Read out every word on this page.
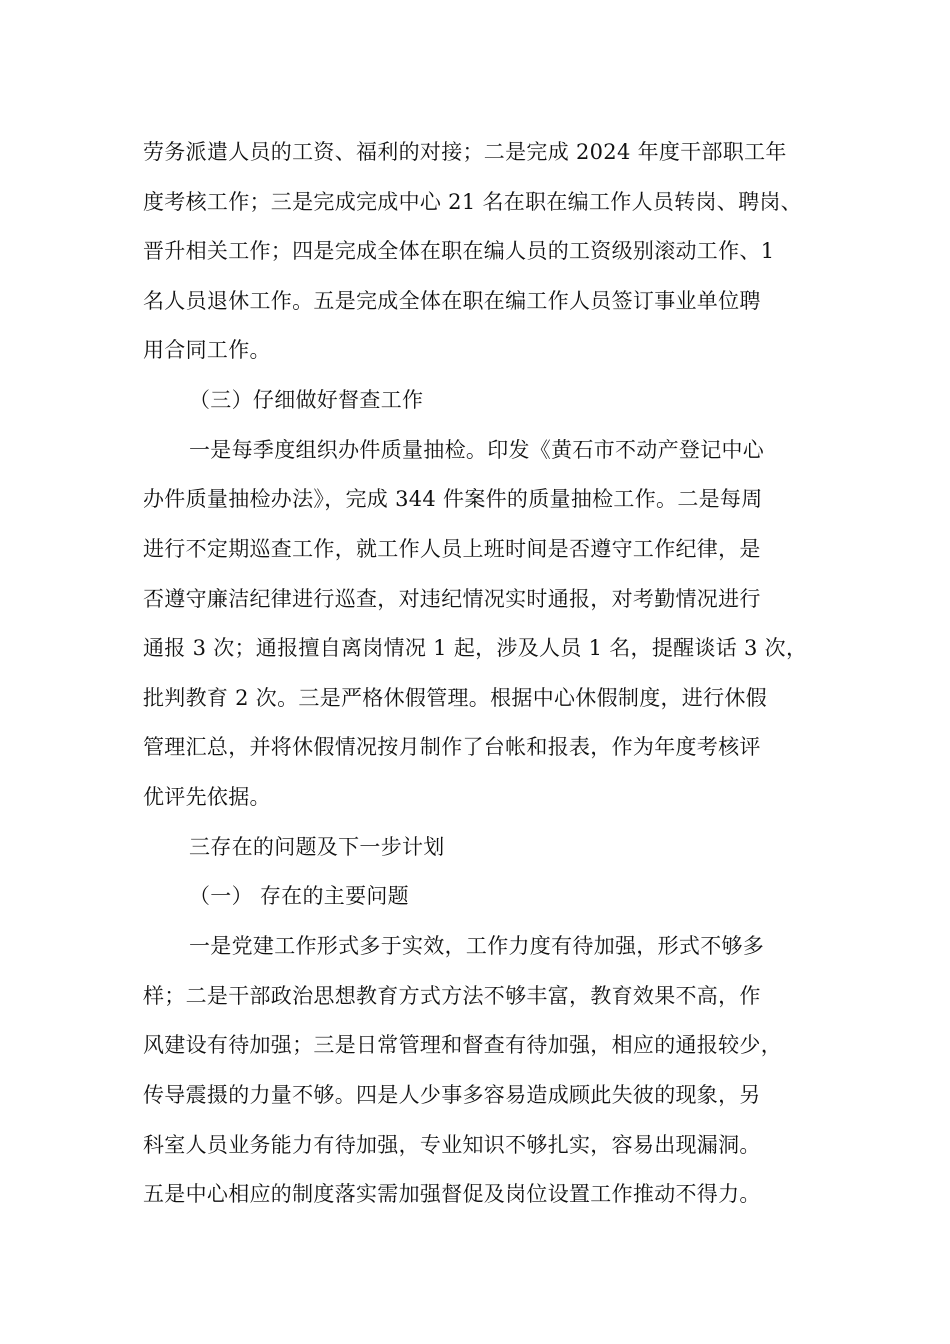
劳务派遣人员的工资、福利的对接；二是完成 2024 年度干部职工年
度考核工作；三是完成完成中心 21 名在职在编工作人员转岗、聘岗、
晋升相关工作；四是完成全体在职在编人员的工资级别滚动工作、1
名人员退休工作。五是完成全体在职在编工作人员签订事业单位聘
用合同工作。
（三）仔细做好督查工作
一是每季度组织办件质量抽检。印发《黄石市不动产登记中心
办件质量抽检办法》，完成 344 件案件的质量抽检工作。二是每周
进行不定期巡查工作，就工作人员上班时间是否遵守工作纪律，是
否遵守廉洁纪律进行巡查，对违纪情况实时通报，对考勤情况进行
通报 3 次；通报擅自离岗情况 1 起，涉及人员 1 名，提醒谈话 3 次，
批判教育 2 次。三是严格休假管理。根据中心休假制度，进行休假
管理汇总，并将休假情况按月制作了台帐和报表，作为年度考核评
优评先依据。
三存在的问题及下一步计划
（一） 存在的主要问题
一是党建工作形式多于实效，工作力度有待加强，形式不够多
样；二是干部政治思想教育方式方法不够丰富，教育效果不高，作
风建设有待加强；三是日常管理和督查有待加强，相应的通报较少，
传导震摄的力量不够。四是人少事多容易造成顾此失彼的现象，另
科室人员业务能力有待加强，专业知识不够扎实，容易出现漏洞。
五是中心相应的制度落实需加强督促及岗位设置工作推动不得力。
